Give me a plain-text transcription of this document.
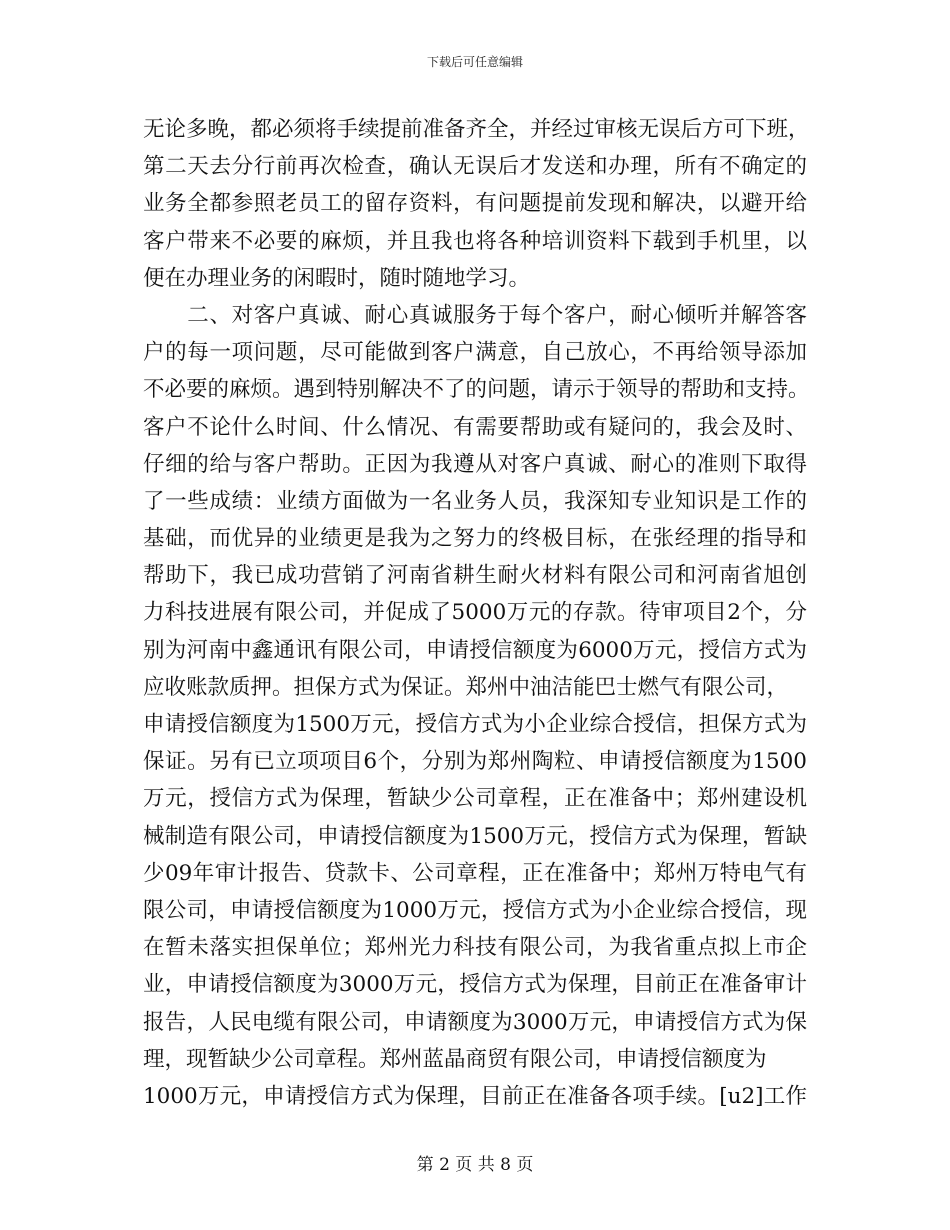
下载后可任意编辑
无论多晚，都必须将手续提前准备齐全，并经过审核无误后方可下班，
第二天去分行前再次检查，确认无误后才发送和办理，所有不确定的
业务全都参照老员工的留存资料，有问题提前发现和解决，以避开给
客户带来不必要的麻烦，并且我也将各种培训资料下载到手机里，以
便在办理业务的闲暇时，随时随地学习。
　　二、对客户真诚、耐心真诚服务于每个客户，耐心倾听并解答客
户的每一项问题，尽可能做到客户满意，自己放心，不再给领导添加
不必要的麻烦。遇到特别解决不了的问题，请示于领导的帮助和支持。
客户不论什么时间、什么情况、有需要帮助或有疑问的，我会及时、
仔细的给与客户帮助。正因为我遵从对客户真诚、耐心的准则下取得
了一些成绩：业绩方面做为一名业务人员，我深知专业知识是工作的
基础，而优异的业绩更是我为之努力的终极目标，在张经理的指导和
帮助下，我已成功营销了河南省耕生耐火材料有限公司和河南省旭创
力科技进展有限公司，并促成了5000万元的存款。待审项目2个，分
别为河南中鑫通讯有限公司，申请授信额度为6000万元，授信方式为
应收账款质押。担保方式为保证。郑州中油洁能巴士燃气有限公司，
申请授信额度为1500万元，授信方式为小企业综合授信，担保方式为
保证。另有已立项项目6个，分别为郑州陶粒、申请授信额度为1500
万元，授信方式为保理，暂缺少公司章程，正在准备中；郑州建设机
械制造有限公司，申请授信额度为1500万元，授信方式为保理，暂缺
少09年审计报告、贷款卡、公司章程，正在准备中；郑州万特电气有
限公司，申请授信额度为1000万元，授信方式为小企业综合授信，现
在暂未落实担保单位；郑州光力科技有限公司，为我省重点拟上市企
业，申请授信额度为3000万元，授信方式为保理，目前正在准备审计
报告，人民电缆有限公司，申请额度为3000万元，申请授信方式为保
理，现暂缺少公司章程。郑州蓝晶商贸有限公司，申请授信额度为
1000万元，申请授信方式为保理，目前正在准备各项手续。[u2]工作
第 2 页 共 8 页
